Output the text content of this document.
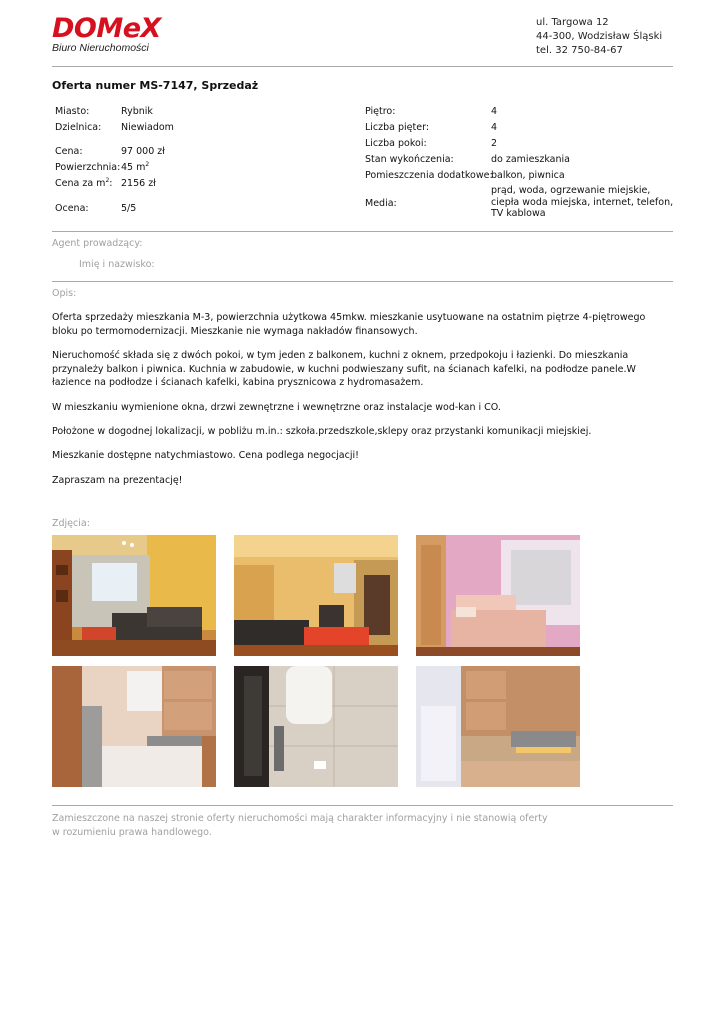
DOMeX
Biuro Nieruchomości
ul. Targowa 12
44-300, Wodzisław Śląski
tel. 32 750-84-67
Oferta numer MS-7147, Sprzedaż
Miasto:	Rybnik
Dzielnica: Niewiadom
Cena:	97 000 zł
Powierzchnia: 45 $m^2$
Cena za $m^2$: 2156 zł
Ocena:	5/5
Piętro:	4
Liczba pięter:	4
Liczba pokoi:	2
Stan wykończenia:	do zamieszkania
Pomieszczenia dodatkowe:
balkon, piwnica
Media:
prąd, woda, ogrzewanie miejskie, ciepła woda miejska, internet, telefon, TV kablowa
Agent prowadzący:
Imię i nazwisko:
Opis:
Oferta sprzedaży mieszkania M-3, powierzchnia użytkowa 45mkw. mieszkanie usytuowane na ostatnim piętrze 4-piętrowego bloku po termomodernizacji. Mieszkanie nie wymaga nakładów finansowych.
Nieruchomość składa się z dwóch pokoi, w tym jeden z balkonem, kuchni z oknem, przedpokoju i łazienki. Do mieszkania przynależy balkon i piwnica. Kuchnia w zabudowie, w kuchni podwieszany sufit, na ścianach kafelki, na podłodze panele.W łazience na podłodze i ścianach kafelki, kabina prysznicowa z hydromasażem.
W mieszkaniu wymienione okna, drzwi zewnętrzne i wewnętrzne oraz instalacje wod-kan i CO.
Położone w dogodnej lokalizacji, w pobliżu m.in.: szkoła.przedszkole,sklepy oraz przystanki komunikacji miejskiej.
Mieszkanie dostępne natychmiastowo. Cena podlega negocjacji!
Zapraszam na prezentację!
Zdjęcia:
Zamieszczone na naszej stronie oferty nieruchomości mają charakter informacyjny i nie stanowią oferty
w rozumieniu prawa handlowego.
